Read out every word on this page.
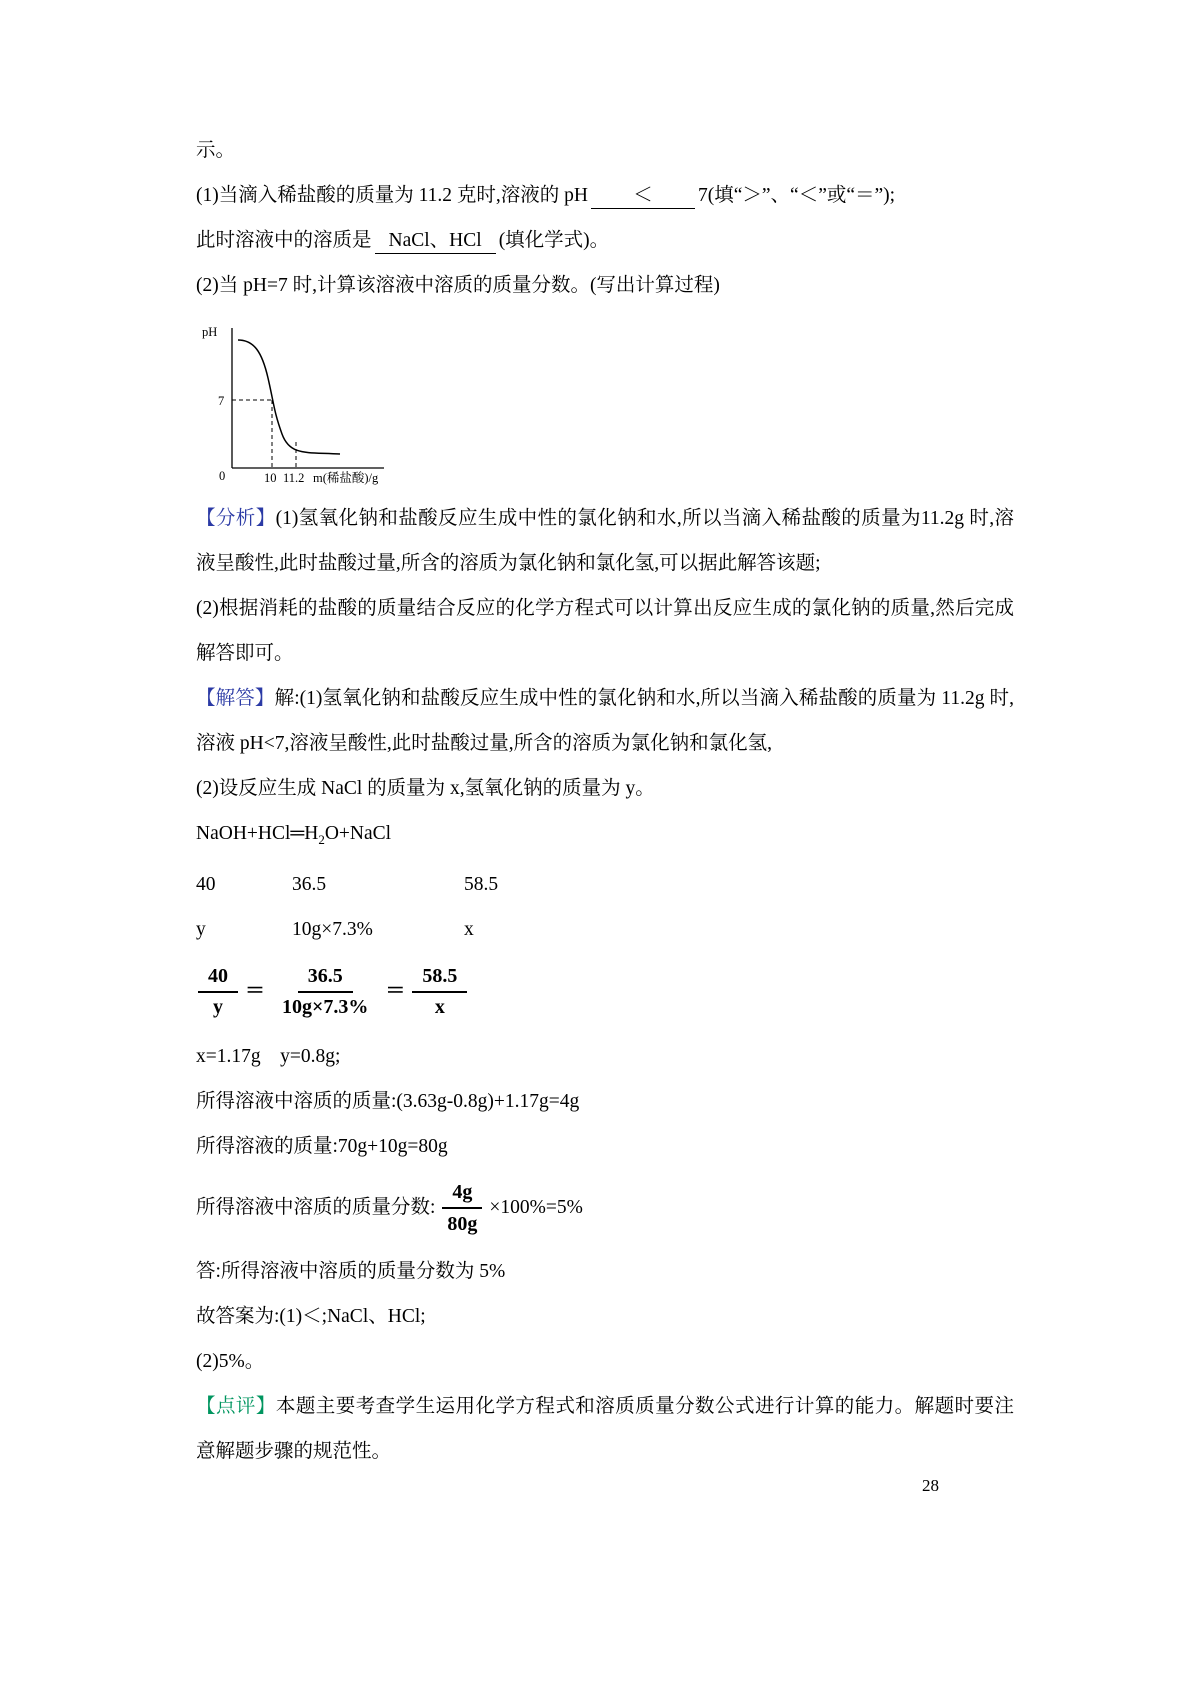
示。

(1)当滴入稀盐酸的质量为 11.2 克时,溶液的 pH ＜ 7(填“＞”、“＜”或“＝”);

此时溶液中的溶质是 NaCl、HCl (填化学式)。

(2)当 pH=7 时,计算该溶液中溶质的质量分数。(写出计算过程)

pH
0
7
10 11.2 m(稀盐酸)/g

【分析】(1)氢氧化钠和盐酸反应生成中性的氯化钠和水,所以当滴入稀盐酸的质量为11.2g 时,溶液呈酸性,此时盐酸过量,所含的溶质为氯化钠和氯化氢,可以据此解答该题;

(2)根据消耗的盐酸的质量结合反应的化学方程式可以计算出反应生成的氯化钠的质量,然后完成解答即可。

【解答】解:(1)氢氧化钠和盐酸反应生成中性的氯化钠和水,所以当滴入稀盐酸的质量为 11.2g 时,溶液 pH<7,溶液呈酸性,此时盐酸过量,所含的溶质为氯化钠和氯化氢,

(2)设反应生成 NaCl 的质量为 x,氢氧化钠的质量为 y。

$NaOH+HCl═H_2O+NaCl$

40	36.5	58.5

y	10g×7.3%	x

$\frac{40}{y} = \frac{36.5}{10g\times 7.3\%} = \frac{58.5}{x}$

x=1.17g　y=0.8g;

所得溶液中溶质的质量:(3.63g-0.8g)+1.17g=4g

所得溶液的质量:70g+10g=80g

所得溶液中溶质的质量分数: $\frac{4g}{80g} \times 100\%=5\%$

答:所得溶液中溶质的质量分数为 5%

故答案为:(1)＜;NaCl、HCl;

(2)5%。

【点评】本题主要考查学生运用化学方程式和溶质质量分数公式进行计算的能力。解题时要注意解题步骤的规范性。

28
